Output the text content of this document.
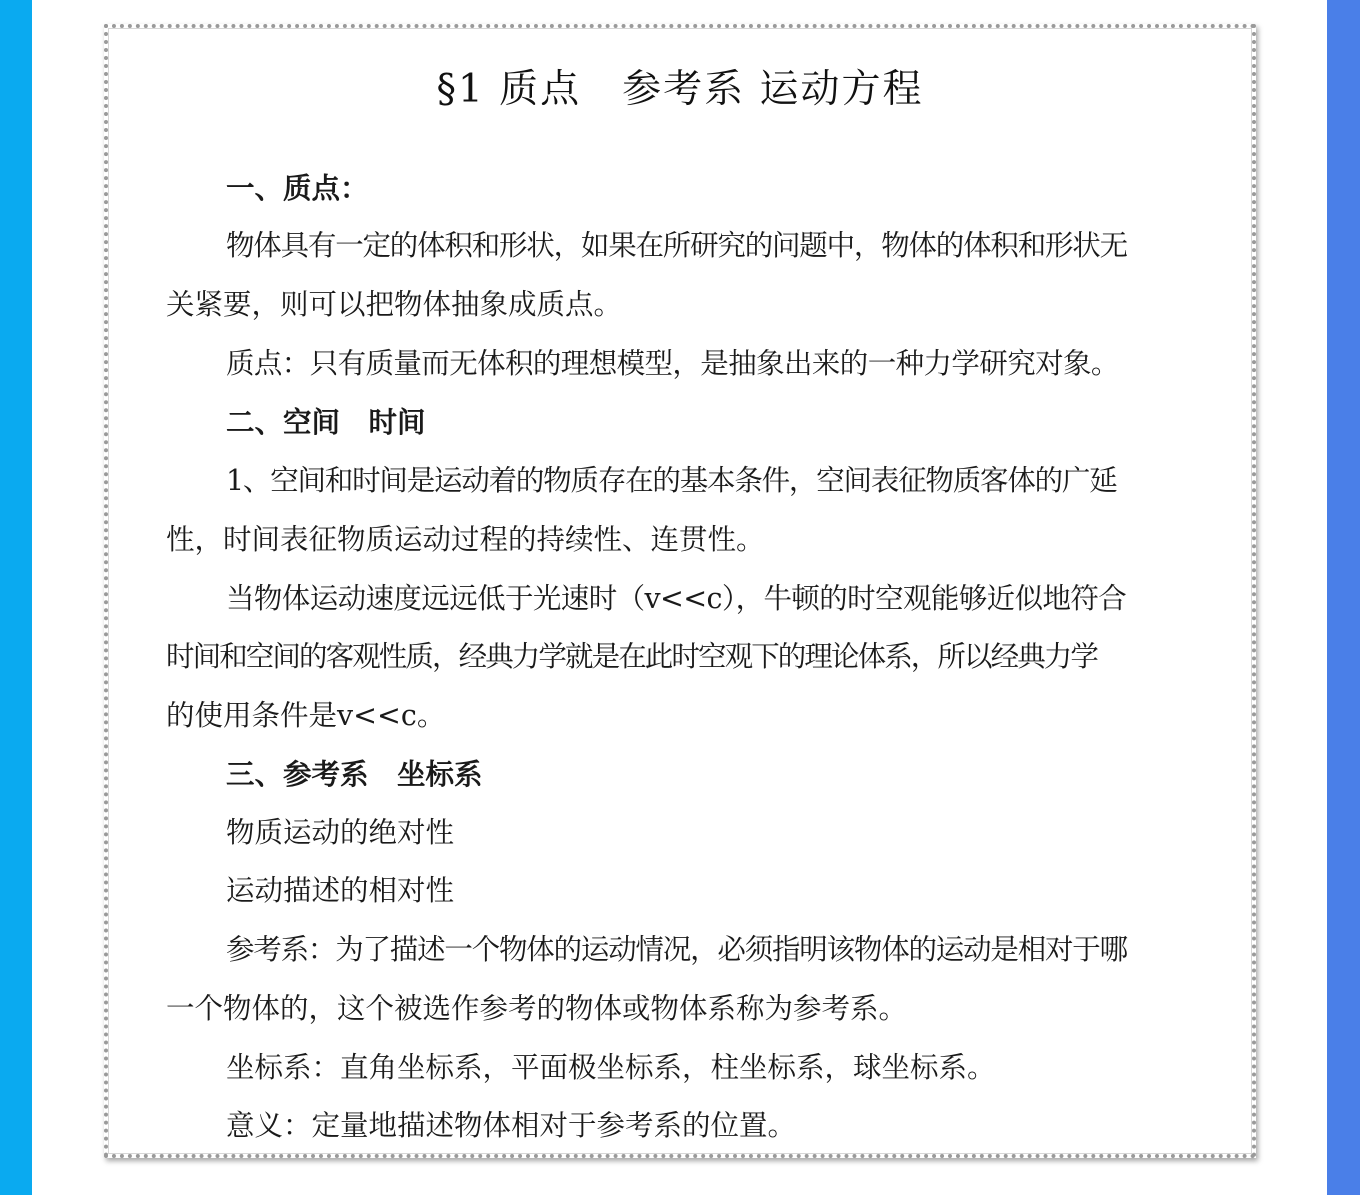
§1 质点　参考系 运动方程
一、质点：
物体具有一定的体积和形状，如果在所研究的问题中，物体的体积和形状无
关紧要，则可以把物体抽象成质点。
质点：只有质量而无体积的理想模型，是抽象出来的一种力学研究对象。
二、空间　时间
1、空间和时间是运动着的物质存在的基本条件，空间表征物质客体的广延
性，时间表征物质运动过程的持续性、连贯性。
当物体运动速度远远低于光速时（v<<c），牛顿的时空观能够近似地符合
时间和空间的客观性质，经典力学就是在此时空观下的理论体系，所以经典力学
的使用条件是v<<c。
三、参考系　坐标系
物质运动的绝对性
运动描述的相对性
参考系：为了描述一个物体的运动情况，必须指明该物体的运动是相对于哪
一个物体的，这个被选作参考的物体或物体系称为参考系。
坐标系：直角坐标系，平面极坐标系，柱坐标系，球坐标系。
意义：定量地描述物体相对于参考系的位置。
